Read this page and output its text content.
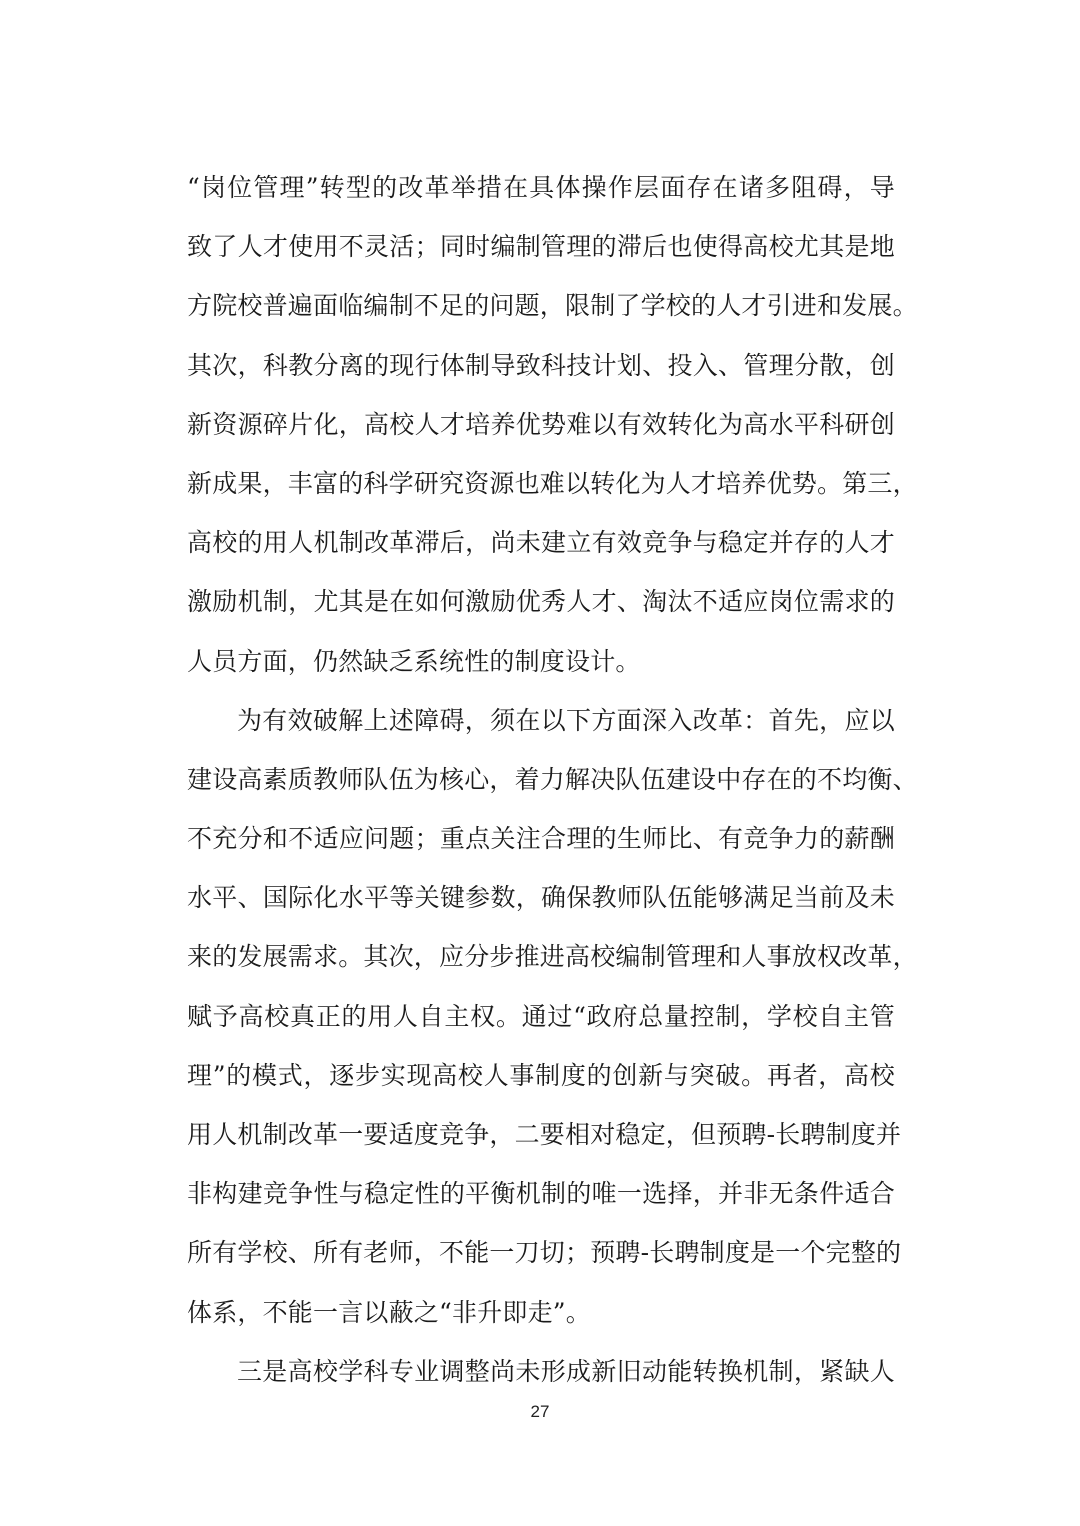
“岗位管理”转型的改革举措在具体操作层面存在诸多阻碍，导
致了人才使用不灵活；同时编制管理的滞后也使得高校尤其是地
方院校普遍面临编制不足的问题，限制了学校的人才引进和发展。
其次，科教分离的现行体制导致科技计划、投入、管理分散，创
新资源碎片化，高校人才培养优势难以有效转化为高水平科研创
新成果，丰富的科学研究资源也难以转化为人才培养优势。第三，
高校的用人机制改革滞后，尚未建立有效竞争与稳定并存的人才
激励机制，尤其是在如何激励优秀人才、淘汰不适应岗位需求的
人员方面，仍然缺乏系统性的制度设计。
为有效破解上述障碍，须在以下方面深入改革：首先，应以
建设高素质教师队伍为核心，着力解决队伍建设中存在的不均衡、
不充分和不适应问题；重点关注合理的生师比、有竞争力的薪酬
水平、国际化水平等关键参数，确保教师队伍能够满足当前及未
来的发展需求。其次，应分步推进高校编制管理和人事放权改革，
赋予高校真正的用人自主权。通过“政府总量控制，学校自主管
理”的模式，逐步实现高校人事制度的创新与突破。再者，高校
用人机制改革一要适度竞争，二要相对稳定，但预聘-长聘制度并
非构建竞争性与稳定性的平衡机制的唯一选择，并非无条件适合
所有学校、所有老师，不能一刀切；预聘-长聘制度是一个完整的
体系，不能一言以蔽之“非升即走”。
三是高校学科专业调整尚未形成新旧动能转换机制，紧缺人
27
